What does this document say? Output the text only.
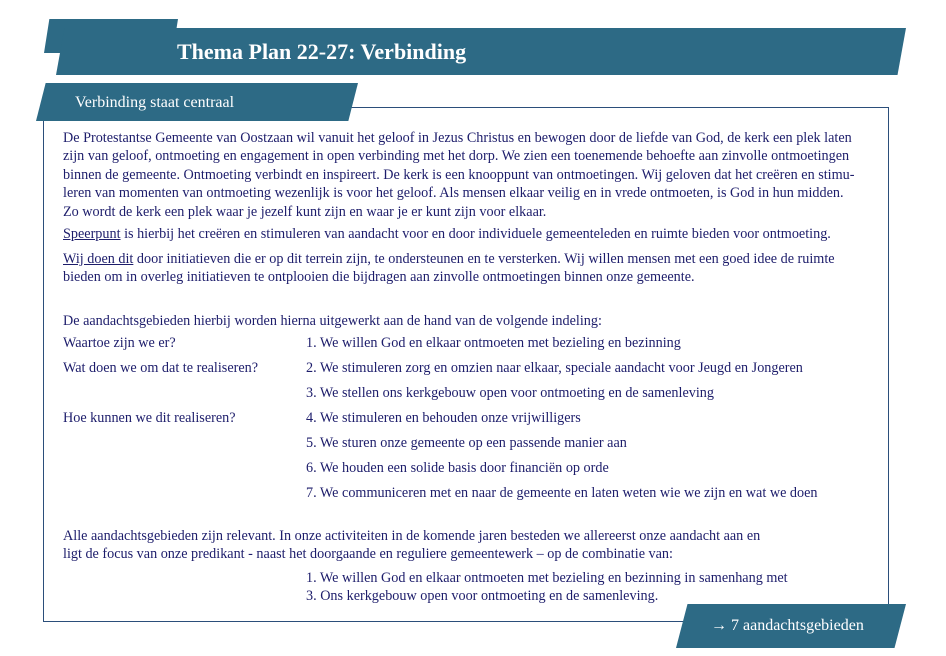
Thema Plan 22-27: Verbinding
Verbinding staat centraal
De Protestantse Gemeente van Oostzaan wil vanuit het geloof in Jezus Christus en bewogen door de liefde van God, de kerk een plek laten
zijn van geloof, ontmoeting en engagement in open verbinding met het dorp. We zien een toenemende behoefte aan zinvolle ontmoetingen
binnen de gemeente. Ontmoeting verbindt en inspireert. De kerk is een knooppunt van ontmoetingen. Wij geloven dat het creëren en stimu-
leren van momenten van ontmoeting wezenlijk is voor het geloof. Als mensen elkaar veilig en in vrede ontmoeten, is God in hun midden.
Zo wordt de kerk een plek waar je jezelf kunt zijn en waar je er kunt zijn voor elkaar.
Speerpunt is hierbij het creëren en stimuleren van aandacht voor en door individuele gemeenteleden en ruimte bieden voor ontmoeting.
Wij doen dit door initiatieven die er op dit terrein zijn, te ondersteunen en te versterken. Wij willen mensen met een goed idee de ruimte
bieden om in overleg initiatieven te ontplooien die bijdragen aan zinvolle ontmoetingen binnen onze gemeente.
De aandachtsgebieden hierbij worden hierna uitgewerkt aan de hand van de volgende indeling:
Waartoe zijn we er?
Wat doen we om dat te realiseren?
Hoe kunnen we dit realiseren?
1. We willen God en elkaar ontmoeten met bezieling en bezinning
2. We stimuleren zorg en omzien naar elkaar, speciale aandacht voor Jeugd en Jongeren
3. We stellen ons kerkgebouw open voor ontmoeting en de samenleving
4. We stimuleren en behouden onze vrijwilligers
5. We sturen onze gemeente op een passende manier aan
6. We houden een solide basis door financiën op orde
7. We communiceren met en naar de gemeente en laten weten wie we zijn en wat we doen
Alle aandachtsgebieden zijn relevant. In onze activiteiten in de komende jaren besteden we allereerst onze aandacht aan en
ligt de focus van onze predikant - naast het doorgaande en reguliere gemeentewerk – op de combinatie van:
1. We willen God en elkaar ontmoeten met bezieling en bezinning in samenhang met
3. Ons kerkgebouw open voor ontmoeting en de samenleving.
→ 7 aandachtsgebieden
